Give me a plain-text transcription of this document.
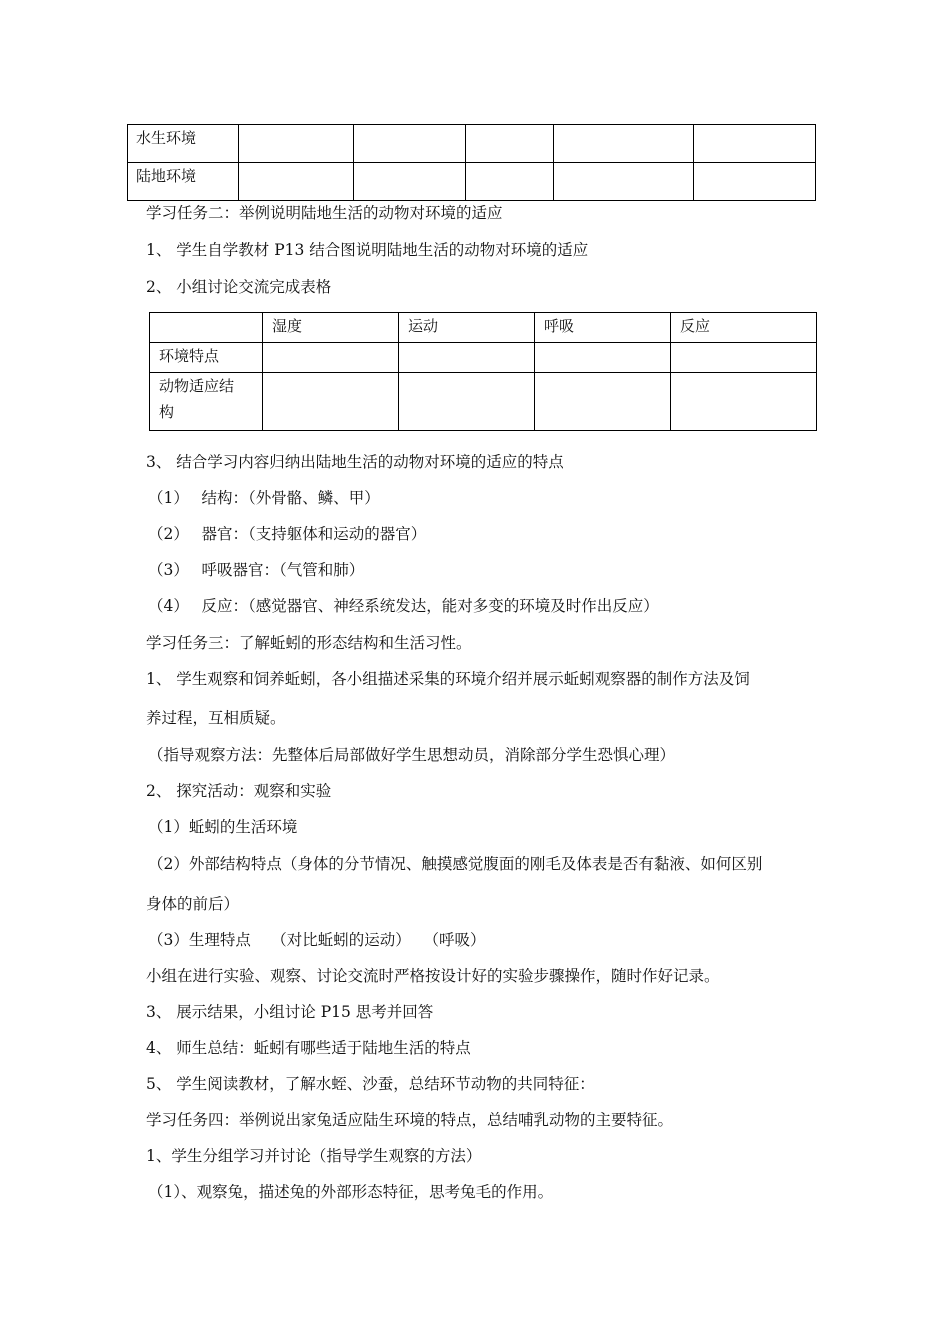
水生环境					
陆地环境					
学习任务二：举例说明陆地生活的动物对环境的适应
1、 学生自学教材 P13 结合图说明陆地生活的动物对环境的适应
2、 小组讨论交流完成表格
	湿度	运动	呼吸	反应
环境特点				

动物适应结
构				

3、 结合学习内容归纳出陆地生活的动物对环境的适应的特点
（1）　 结构：（外骨骼、鳞、甲）
（2）　 器官：（支持躯体和运动的器官）
（3）　 呼吸器官：（气管和肺）
（4）　 反应：（感觉器官、神经系统发达，能对多变的环境及时作出反应）
学习任务三：了解蚯蚓的形态结构和生活习性。
1、 学生观察和饲养蚯蚓，各小组描述采集的环境介绍并展示蚯蚓观察器的制作方法及饲
养过程，互相质疑。
（指导观察方法：先整体后局部做好学生思想动员，消除部分学生恐惧心理）
2、 探究活动：观察和实验
（1）蚯蚓的生活环境
（2）外部结构特点（身体的分节情况、触摸感觉腹面的刚毛及体表是否有黏液、如何区别
身体的前后）
（3）生理特点　 （对比蚯蚓的运动）　 （呼吸）
小组在进行实验、观察、讨论交流时严格按设计好的实验步骤操作，随时作好记录。
3、 展示结果，小组讨论 P15 思考并回答
4、 师生总结：蚯蚓有哪些适于陆地生活的特点
5、 学生阅读教材，了解水蛭、沙蚕，总结环节动物的共同特征：
学习任务四：举例说出家兔适应陆生环境的特点，总结哺乳动物的主要特征。
1、学生分组学习并讨论（指导学生观察的方法）
（1）、观察兔，描述兔的外部形态特征，思考兔毛的作用。
